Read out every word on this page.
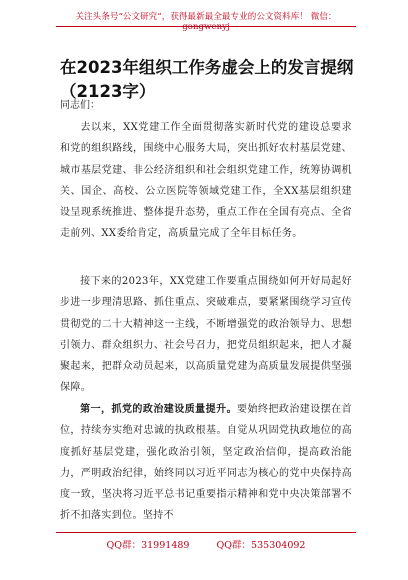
关注头条号“公文研究”，获得最新最全最专业的公文资料库！ 微信：gongwenyj
在2023年组织工作务虚会上的发言提纲（2123字）
同志们：
去以来，XX党建工作全面贯彻落实新时代党的建设总要求和党的组织路线，围绕中心服务大局，突出抓好农村基层党建、城市基层党建、非公经济组织和社会组织党建工作，统筹协调机关、国企、高校、公立医院等领域党建工作，全XX基层组织建设呈现系统推进、整体提升态势，重点工作在全国有亮点、全省走前列、XX委给肯定，高质量完成了全年目标任务。
接下来的2023年，XX党建工作要重点围绕如何开好局起好步进一步理清思路、抓住重点、突破难点，要紧紧围绕学习宣传贯彻党的二十大精神这一主线，不断增强党的政治领导力、思想引领力、群众组织力、社会号召力，把党员组织起来，把人才凝聚起来，把群众动员起来，以高质量党建为高质量发展提供坚强保障。
第一，抓党的政治建设质量提升。要始终把政治建设摆在首位，持续夯实绝对忠诚的执政根基。自觉从巩固党执政地位的高度抓好基层党建，强化政治引领，坚定政治信仰，提高政治能力，严明政治纪律，始终同以习近平同志为核心的党中央保持高度一致，坚决将习近平总书记重要指示精神和党中央决策部署不折不扣落实到位。坚持不
QQ群：31991489	QQ群：535304092
